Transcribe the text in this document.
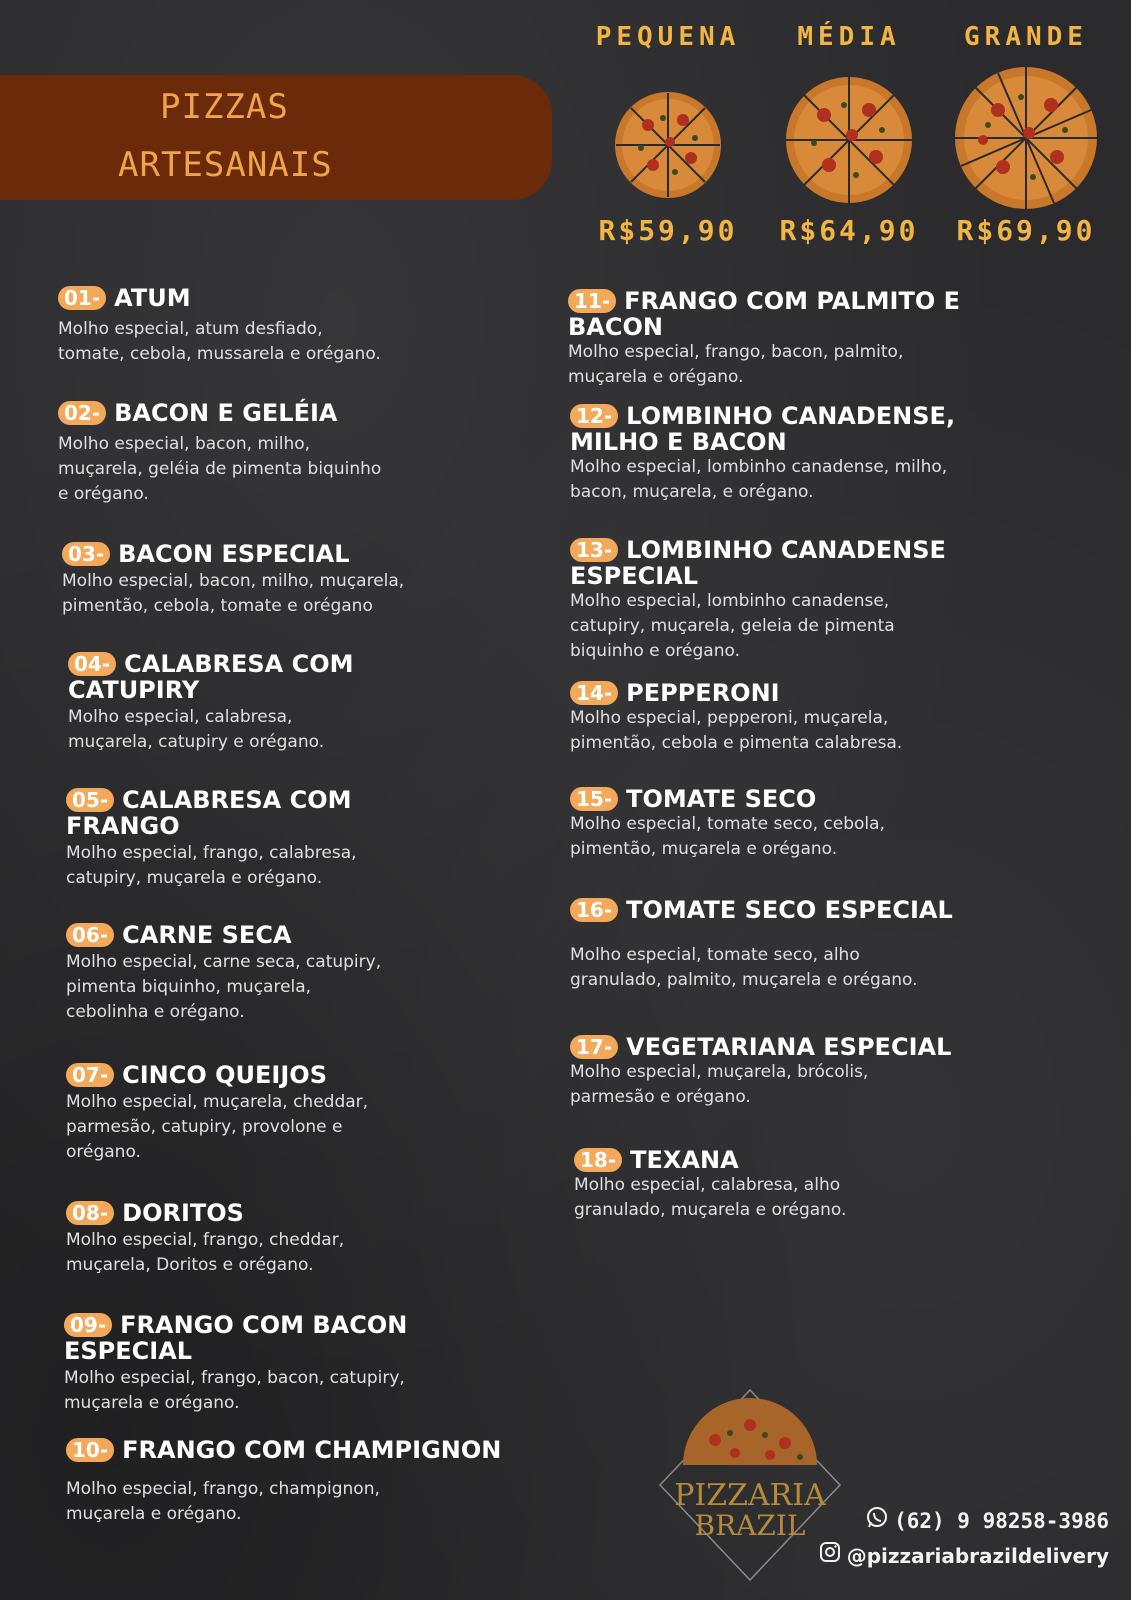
PIZZAS
ARTESANAIS
PEQUENA
R$59,90
MÉDIA
R$64,90
GRANDE
R$69,90
01- ATUM
Molho especial, atum desfiado,
tomate, cebola, mussarela e orégano.
02- BACON E GELÉIA
Molho especial, bacon, milho,
muçarela, geléia de pimenta biquinho
e orégano.
03- BACON ESPECIAL
Molho especial, bacon, milho, muçarela,
pimentão, cebola, tomate e orégano
04- CALABRESA COM
CATUPIRY
Molho especial, calabresa,
muçarela, catupiry e orégano.
05- CALABRESA COM
FRANGO
Molho especial, frango, calabresa,
catupiry, muçarela e orégano.
06- CARNE SECA
Molho especial, carne seca, catupiry,
pimenta biquinho, muçarela,
cebolinha e orégano.
07- CINCO QUEIJOS
Molho especial, muçarela, cheddar,
parmesão, catupiry, provolone e
orégano.
08- DORITOS
Molho especial, frango, cheddar,
muçarela, Doritos e orégano.
09- FRANGO COM BACON
ESPECIAL
Molho especial, frango, bacon, catupiry,
muçarela e orégano.
10- FRANGO COM CHAMPIGNON
Molho especial, frango, champignon,
muçarela e orégano.
11- FRANGO COM PALMITO E
BACON
Molho especial, frango, bacon, palmito,
muçarela e orégano.
12- LOMBINHO CANADENSE,
MILHO E BACON
Molho especial, lombinho canadense, milho,
bacon, muçarela, e orégano.
13- LOMBINHO CANADENSE
ESPECIAL
Molho especial, lombinho canadense,
catupiry, muçarela, geleia de pimenta
biquinho e orégano.
14- PEPPERONI
Molho especial, pepperoni, muçarela,
pimentão, cebola e pimenta calabresa.
15- TOMATE SECO
Molho especial, tomate seco, cebola,
pimentão, muçarela e orégano.
16- TOMATE SECO ESPECIAL
Molho especial, tomate seco, alho
granulado, palmito, muçarela e orégano.
17- VEGETARIANA ESPECIAL
Molho especial, muçarela, brócolis,
parmesão e orégano.
18- TEXANA
Molho especial, calabresa, alho
granulado, muçarela e orégano.
PIZZARIA
BRAZIL	(62) 9 98258-3986
@pizzariabrazildelivery
